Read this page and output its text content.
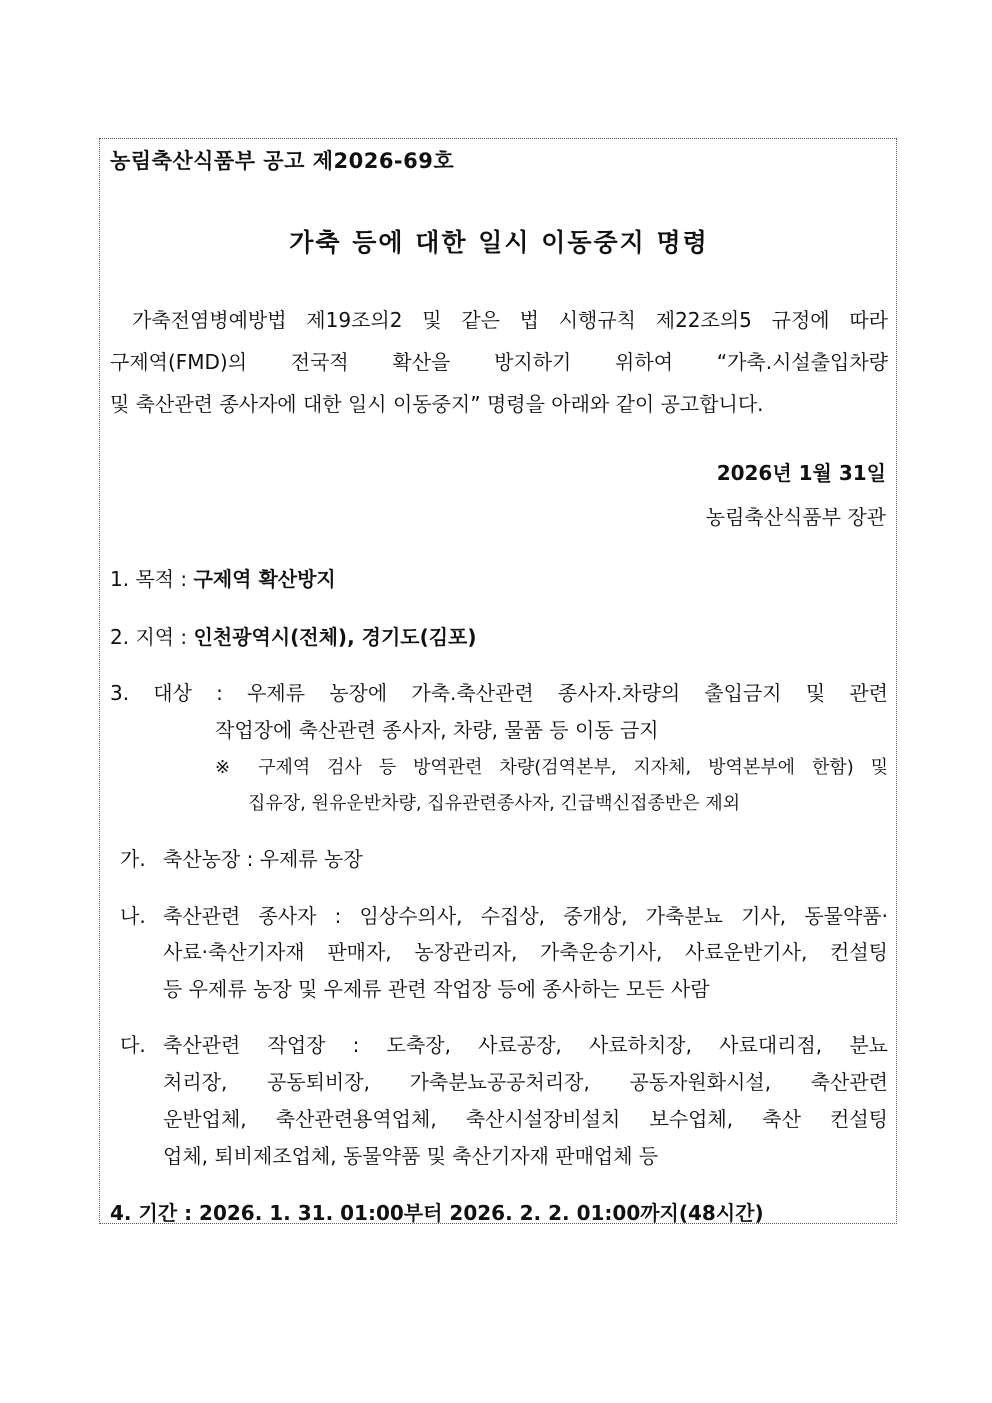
농림축산식품부 공고 제2026-69호
가축 등에 대한 일시 이동중지 명령
가축전염병예방법 제19조의2 및 같은 법 시행규칙 제22조의5 규정에 따라
구제역(FMD)의 전국적 확산을 방지하기 위하여 “가축.시설출입차량
및 축산관련 종사자에 대한 일시 이동중지” 명령을 아래와 같이 공고합니다.
2026년 1월 31일
농림축산식품부 장관
1. 목적 : 구제역 확산방지
2. 지역 : 인천광역시(전체), 경기도(김포)
3. 대상 : 우제류 농장에 가축.축산관련 종사자.차량의 출입금지 및 관련
작업장에 축산관련 종사자, 차량, 물품 등 이동 금지
※ 구제역 검사 등 방역관련 차량(검역본부, 지자체, 방역본부에 한함) 및
집유장, 원유운반차량, 집유관련종사자, 긴급백신접종반은 제외
가. 축산농장 : 우제류 농장
나. 축산관련 종사자 : 임상수의사, 수집상, 중개상, 가축분뇨 기사, 동물약품·
사료·축산기자재 판매자, 농장관리자, 가축운송기사, 사료운반기사, 컨설팅
등 우제류 농장 및 우제류 관련 작업장 등에 종사하는 모든 사람
다. 축산관련 작업장 : 도축장, 사료공장, 사료하치장, 사료대리점, 분뇨
처리장, 공동퇴비장, 가축분뇨공공처리장, 공동자원화시설, 축산관련
운반업체, 축산관련용역업체, 축산시설장비설치 보수업체, 축산 컨설팅
업체, 퇴비제조업체, 동물약품 및 축산기자재 판매업체 등
4. 기간 : 2026. 1. 31. 01:00부터 2026. 2. 2. 01:00까지(48시간)
